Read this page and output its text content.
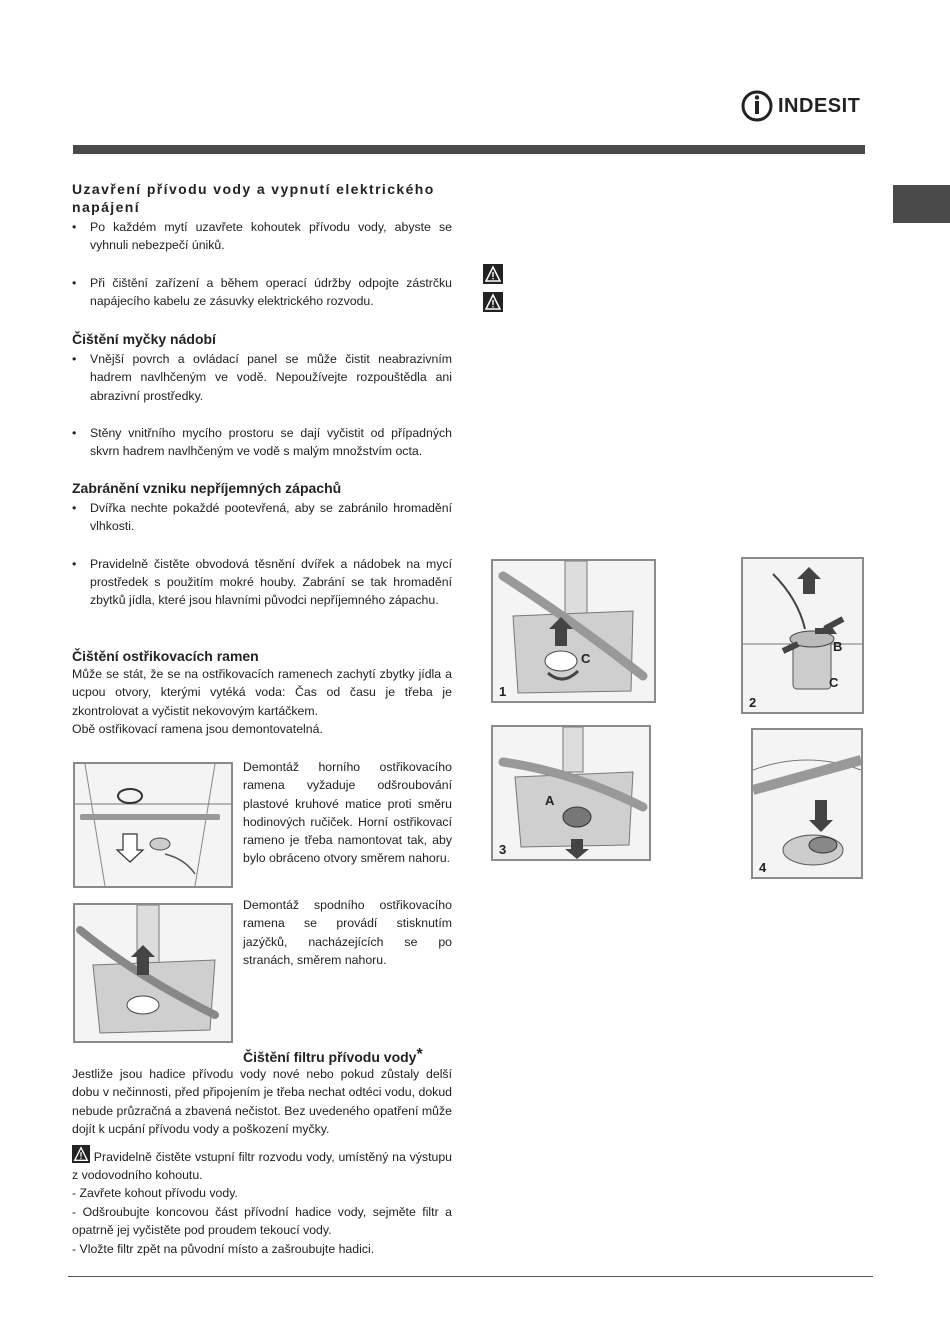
INDESIT
Uzavření přívodu vody a vypnutí elektrického
napájení
• Po každém mytí uzavřete kohoutek přívodu vody, abyste se vyhnuli nebezpečí úniků.
• Při čištění zařízení a během operací údržby odpojte zástrčku napájecího kabelu ze zásuvky elektrického rozvodu.
Čištění myčky nádobí
• Vnější povrch a ovládací panel se může čistit neabrazivním hadrem navlhčeným ve vodě. Nepoužívejte rozpouštědla ani abrazivní prostředky.
• Stěny vnitřního mycího prostoru se dají vyčistit od případných skvrn hadrem navlhčeným ve vodě s malým množstvím octa.
Zabránění vzniku nepříjemných zápachů
• Dvířka nechte pokaždé pootevřená, aby se zabránilo hromadění vlhkosti.
• Pravidelně čistěte obvodová těsnění dvířek a nádobek na mycí prostředek s použitím mokré houby. Zabrání se tak hromadění zbytků jídla, které jsou hlavními původci nepříjemného zápachu.
Čištění ostřikovacích ramen

Může se stát, že se na ostřikovacích ramenech zachytí zbytky jídla a ucpou otvory, kterými vytéká voda: Čas od času je třeba je zkontrolovat a vyčistit nekovovým kartáčkem.

Obě ostřikovací ramena jsou demontovatelná.

Demontáž horního ostřikovacího ramena vyžaduje odšroubování plastové kruhové matice proti směru hodinových ručiček. Horní ostřikovací rameno je třeba namontovat tak, aby bylo obráceno otvory směrem nahoru.
Demontáž spodního ostřikovacího ramena se provádí stisknutím jazýčků, nacházejících se po stranách, směrem nahoru.
Čištění filtru přívodu vody*

Jestliže jsou hadice přívodu vody nové nebo pokud zůstaly delší dobu v nečinnosti, před připojením je třeba nechat odtéci vodu, dokud nebude průzračná a zbavená nečistot. Bez uvedeného opatření může dojít k ucpání přívodu vody a poškození myčky.

Pravidelně čistěte vstupní filtr rozvodu vody, umístěný na výstupu z vodovodního kohoutu.

- Zavřete kohout přívodu vody.

- Odšroubujte koncovou část přívodní hadice vody, sejměte filtr a opatrně jej vyčistěte pod proudem tekoucí vody.

- Vložte filtr zpět na původní místo a zašroubujte hadici.

1
C
2
B
C
3
A
4
